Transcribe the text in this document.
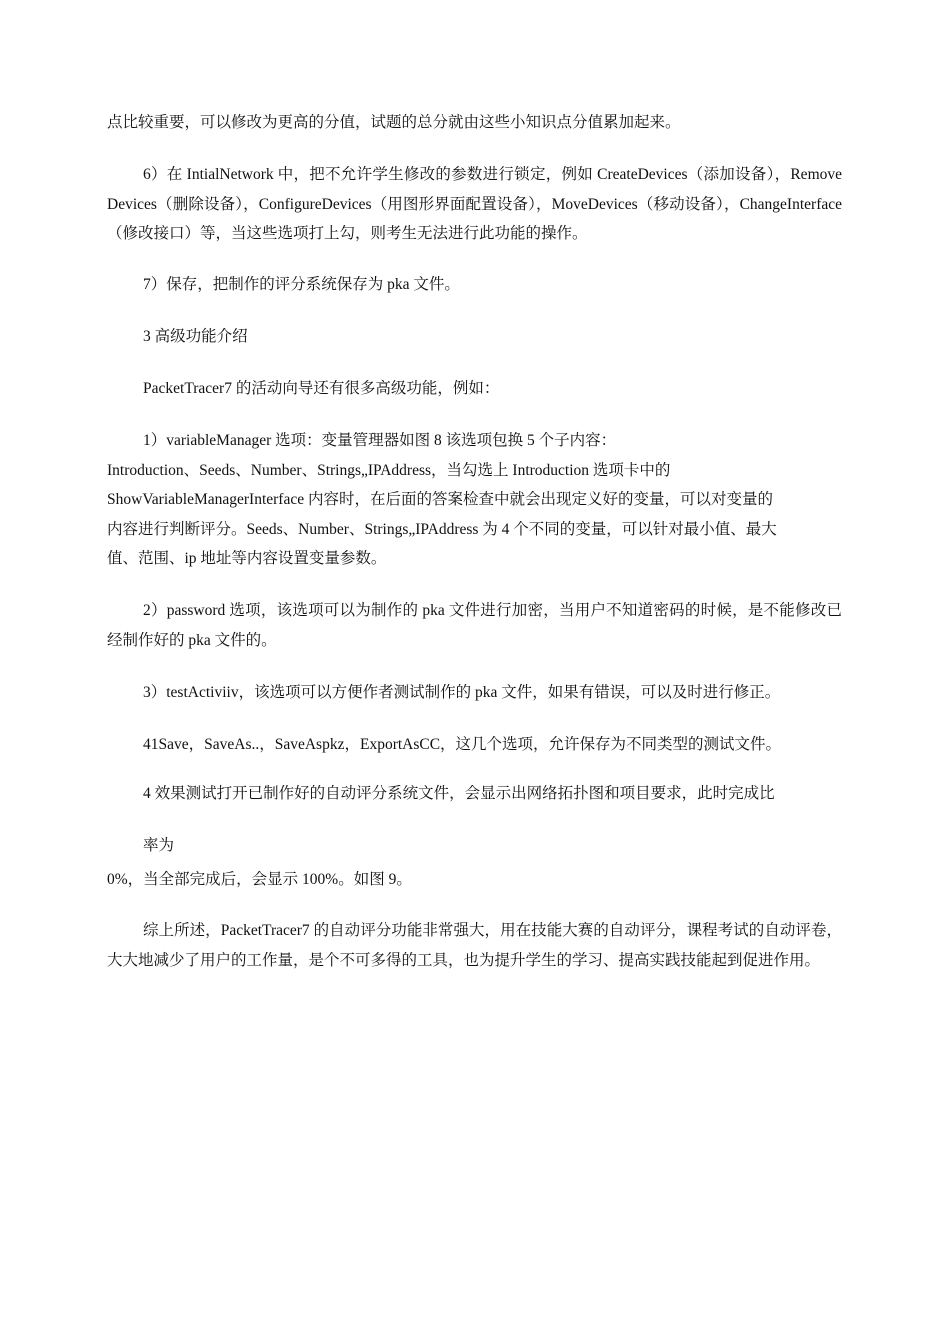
点比较重要，可以修改为更高的分值，试题的总分就由这些小知识点分值累加起来。

6）在 IntialNetwork 中，把不允许学生修改的参数进行锁定，例如 CreateDevices（添加设备），RemoveDevices（删除设备），ConfigureDevices（用图形界面配置设备），MoveDevices（移动设备），ChangeInterface（修改接口）等，当这些选项打上勾，则考生无法进行此功能的操作。

7）保存，把制作的评分系统保存为 pka 文件。

3 高级功能介绍

PacketTracer7 的活动向导还有很多高级功能，例如：

1）variableManager 选项：变量管理器如图 8 该选项包换 5 个子内容：
Introduction、Seeds、Number、Strings„IPAddress，当勾选上 Introduction 选项卡中的
ShowVariableManagerInterface 内容时，在后面的答案检查中就会出现定义好的变量，可以对变量的
内容进行判断评分。Seeds、Number、Strings„IPAddress 为 4 个不同的变量，可以针对最小值、最大
值、范围、ip 地址等内容设置变量参数。

2）password 选项，该选项可以为制作的 pka 文件进行加密，当用户不知道密码的时候，是不能修改已经制作好的 pka 文件的。

3）testActiviiv，该选项可以方便作者测试制作的 pka 文件，如果有错误，可以及时进行修正。

41Save，SaveAs..，SaveAspkz，ExportAsCC，这几个选项，允许保存为不同类型的测试文件。

4 效果测试打开已制作好的自动评分系统文件，会显示出网络拓扑图和项目要求，此时完成比

率为

0%，当全部完成后，会显示 100%。如图 9。

综上所述，PacketTracer7 的自动评分功能非常强大，用在技能大赛的自动评分，课程考试的自动评卷，大大地减少了用户的工作量，是个不可多得的工具，也为提升学生的学习、提高实践技能起到促进作用。
